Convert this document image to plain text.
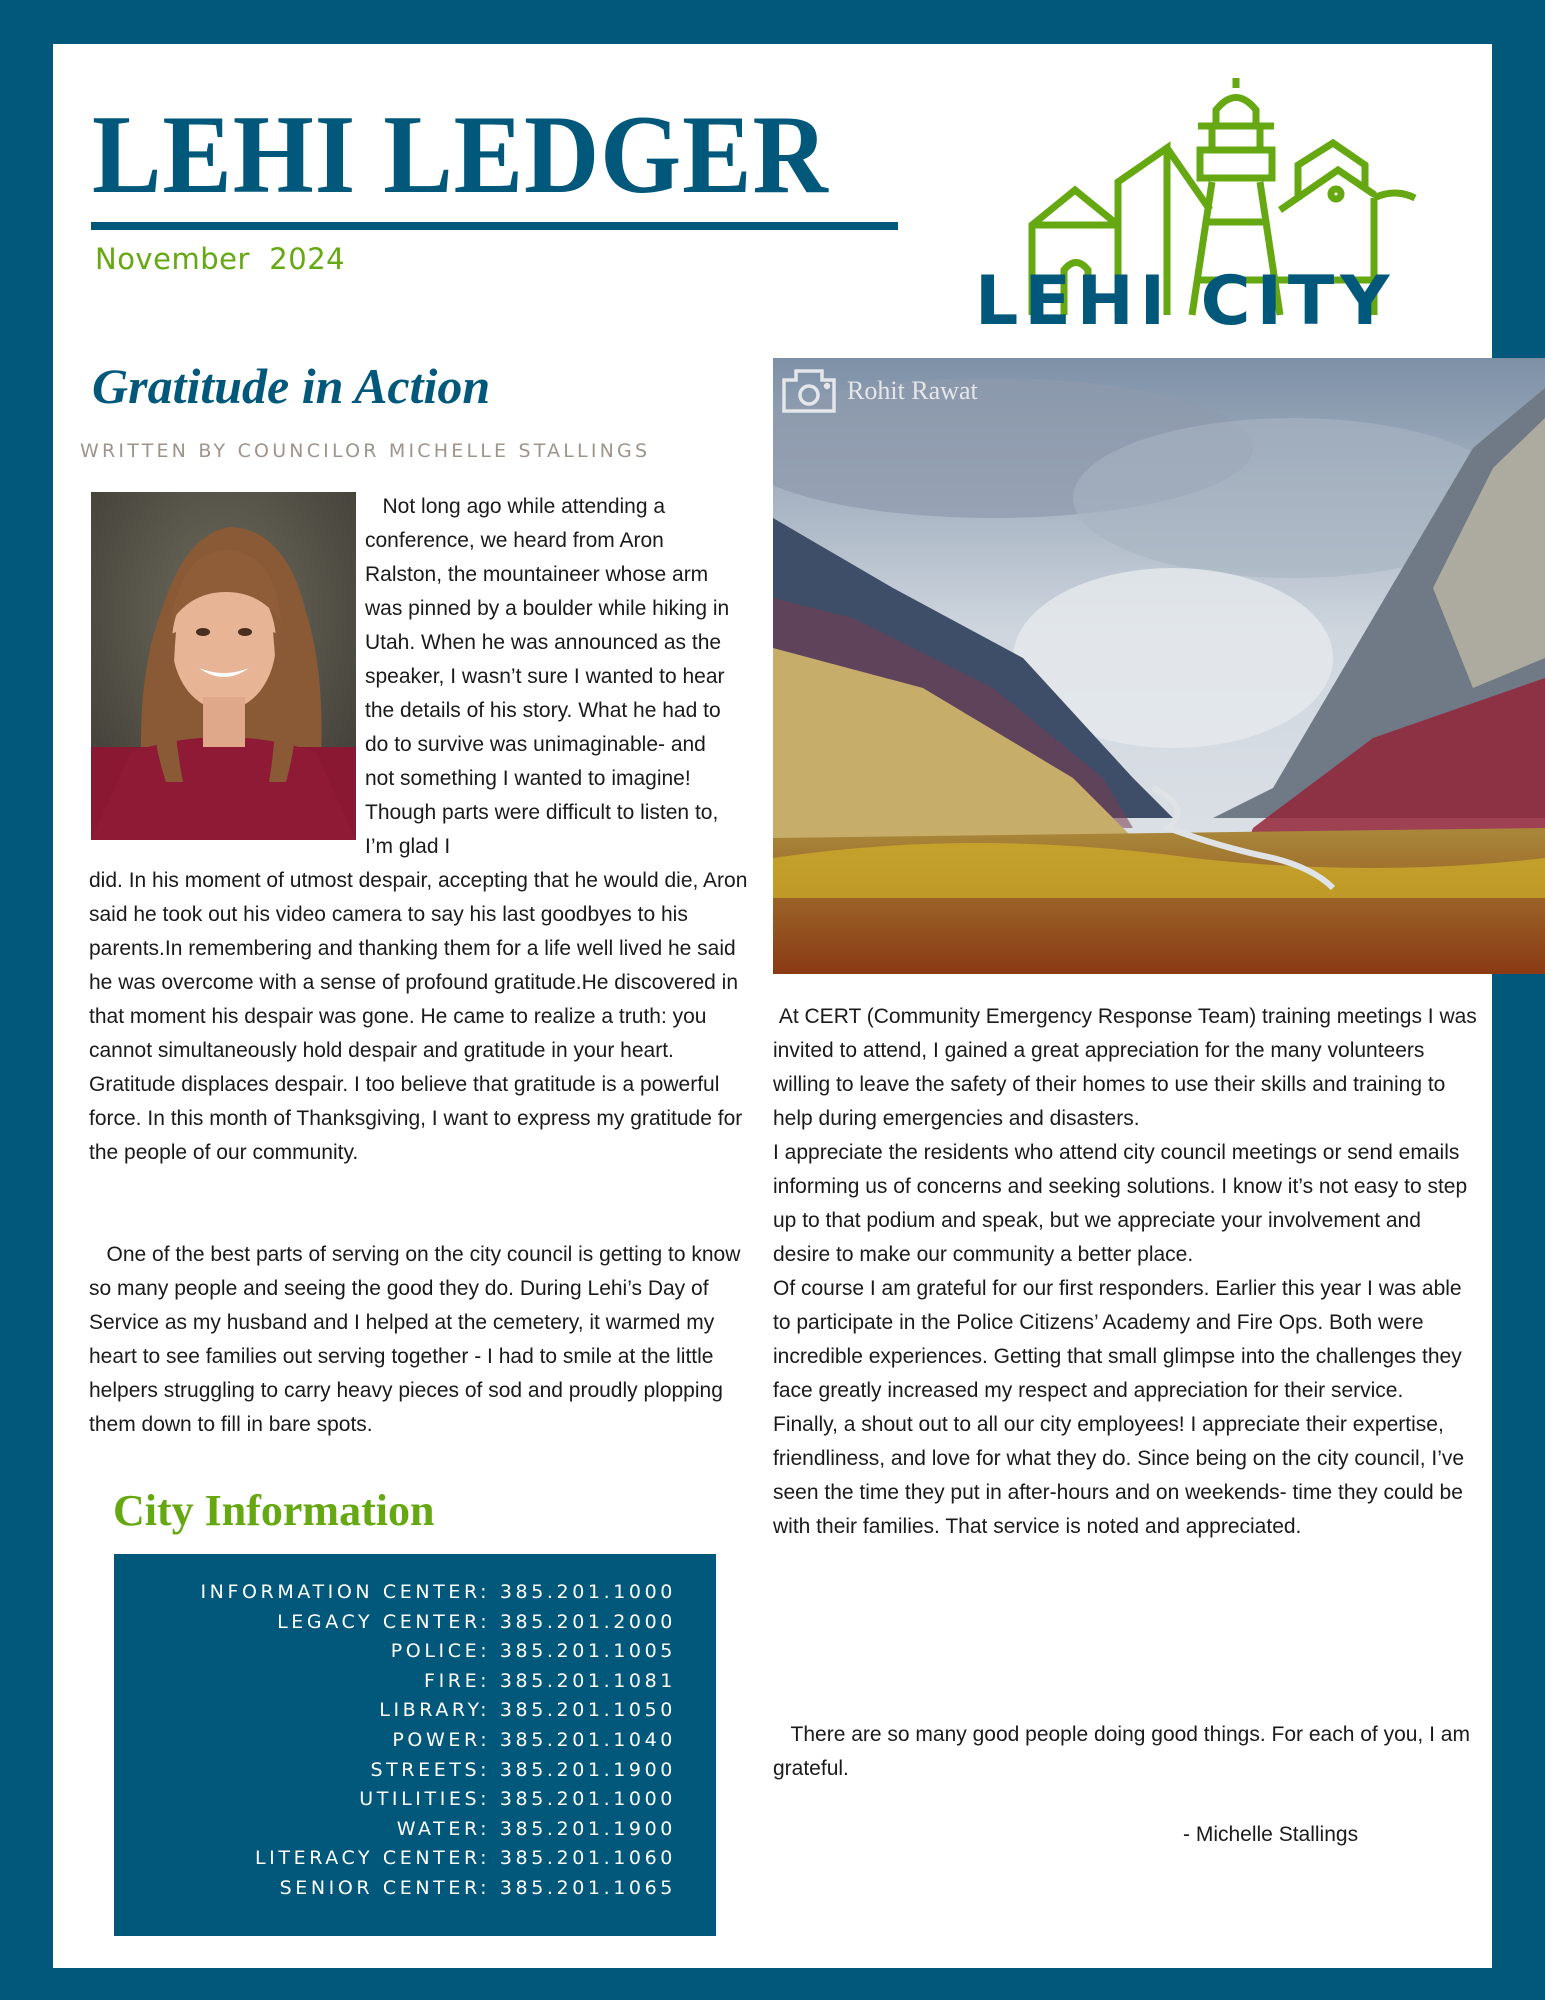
LEHI LEDGER
November  2024
LEHI CITY
Gratitude in Action
WRITTEN BY COUNCILOR MICHELLE STALLINGS

Not long ago while attending a conference, we heard from Aron Ralston, the mountaineer whose arm was pinned by a boulder while hiking in Utah. When he was announced as the speaker, I wasn’t sure I wanted to hear the details of his story. What he had to do to survive was unimaginable- and not something I wanted to imagine! Though parts were difficult to listen to, I’m glad I

did. In his moment of utmost despair, accepting that he would die, Aron said he took out his video camera to say his last goodbyes to his parents.In remembering and thanking them for a life well lived he said he was overcome with a sense of profound gratitude.He discovered in that moment his despair was gone. He came to realize a truth: you cannot simultaneously hold despair and gratitude in your heart. Gratitude displaces despair. I too believe that gratitude is a powerful force. In this month of Thanksgiving, I want to express my gratitude for the people of our community.

One of the best parts of serving on the city council is getting to know so many people and seeing the good they do. During Lehi’s Day of Service as my husband and I helped at the cemetery, it warmed my heart to see families out serving together - I had to smile at the little helpers struggling to carry heavy pieces of sod and proudly plopping them down to fill in bare spots.

Rohit Rawat

At CERT (Community Emergency Response Team) training meetings I was invited to attend, I gained a great appreciation for the many volunteers willing to leave the safety of their homes to use their skills and training to help during emergencies and disasters.

I appreciate the residents who attend city council meetings or send emails informing us of concerns and seeking solutions. I know it’s not easy to step up to that podium and speak, but we appreciate your involvement and desire to make our community a better place.

Of course I am grateful for our first responders. Earlier this year I was able to participate in the Police Citizens’ Academy and Fire Ops. Both were incredible experiences. Getting that small glimpse into the challenges they face greatly increased my respect and appreciation for their service.

Finally, a shout out to all our city employees! I appreciate their expertise, friendliness, and love for what they do. Since being on the city council, I’ve seen the time they put in after-hours and on weekends- time they could be with their families. That service is noted and appreciated.

There are so many good people doing good things. For each of you, I am grateful.

- Michelle Stallings
City Information
INFORMATION CENTER: 385.201.1000
LEGACY CENTER: 385.201.2000
POLICE: 385.201.1005
FIRE: 385.201.1081
LIBRARY: 385.201.1050
POWER: 385.201.1040
STREETS: 385.201.1900
UTILITIES: 385.201.1000
WATER: 385.201.1900
LITERACY CENTER: 385.201.1060
SENIOR CENTER: 385.201.1065
